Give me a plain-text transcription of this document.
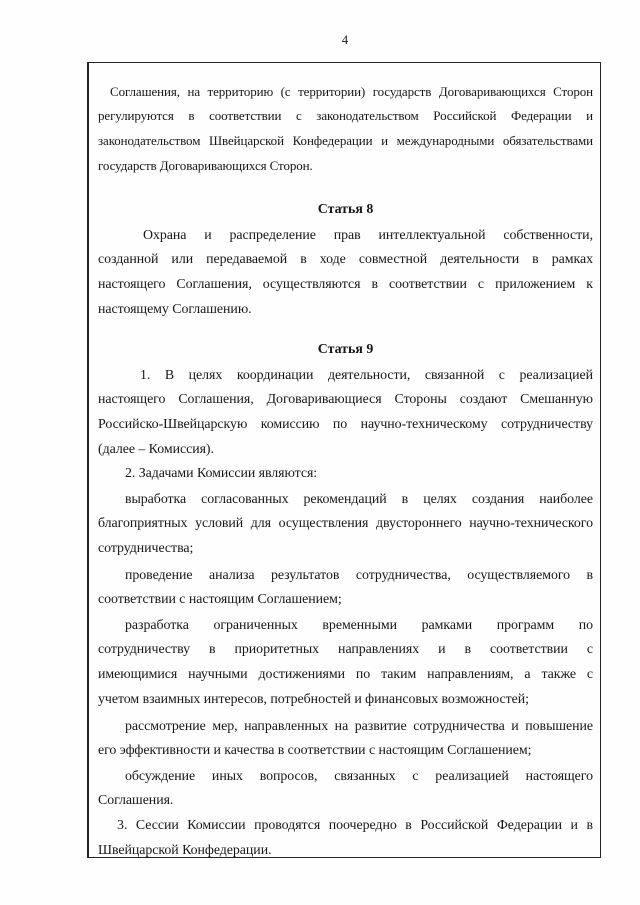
4
Соглашения, на территорию (с территории) государств Договаривающихся Сторон
регулируются в соответствии с законодательством Российской Федерации и
законодательством Швейцарской Конфедерации и международными обязательствами
государств Договаривающихся Сторон.
Статья 8
Охрана и распределение прав интеллектуальной собственности,
созданной или передаваемой в ходе совместной деятельности в рамках
настоящего Соглашения, осуществляются в соответствии с приложением к
настоящему Соглашению.
Статья 9
1. В целях координации деятельности, связанной с реализацией
настоящего Соглашения, Договаривающиеся Стороны создают Смешанную
Российско-Швейцарскую комиссию по научно-техническому сотрудничеству
(далее – Комиссия).
2. Задачами Комиссии являются:
выработка согласованных рекомендаций в целях создания наиболее
благоприятных условий для осуществления двустороннего научно-технического
сотрудничества;
проведение анализа результатов сотрудничества, осуществляемого в
соответствии с настоящим Соглашением;
разработка ограниченных временными рамками программ по
сотрудничеству в приоритетных направлениях и в соответствии с
имеющимися научными достижениями по таким направлениям, а также с
учетом взаимных интересов, потребностей и финансовых возможностей;
рассмотрение мер, направленных на развитие сотрудничества и повышение
его эффективности и качества в соответствии с настоящим Соглашением;
обсуждение иных вопросов, связанных с реализацией настоящего
Соглашения.
3. Сессии Комиссии проводятся поочередно в Российской Федерации и в
Швейцарской Конфедерации.
